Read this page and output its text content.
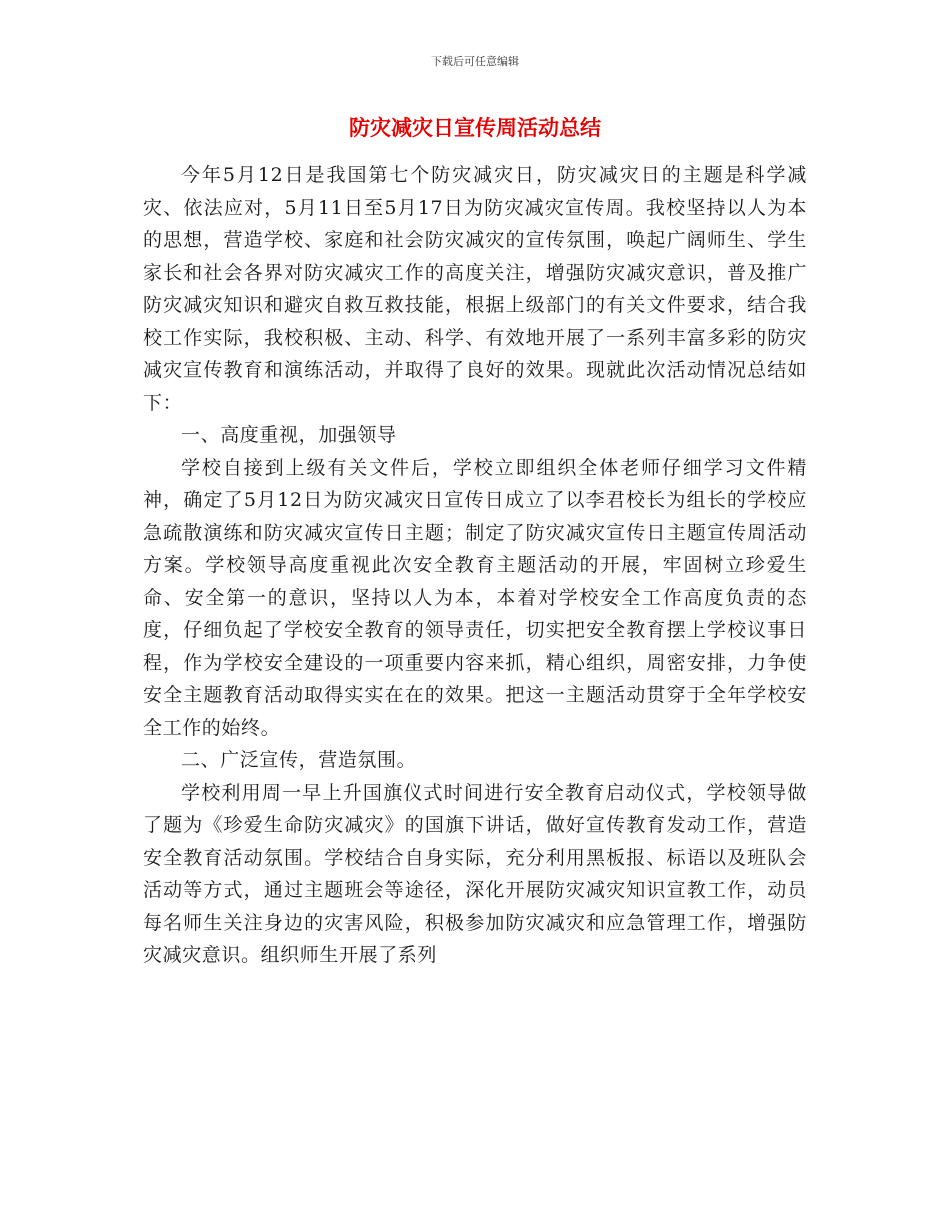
下载后可任意编辑
防灾减灾日宣传周活动总结

今年5月12日是我国第七个防灾减灾日，防灾减灾日的主题是科学减灾、依法应对，5月11日至5月17日为防灾减灾宣传周。我校坚持以人为本的思想，营造学校、家庭和社会防灾减灾的宣传氛围，唤起广阔师生、学生家长和社会各界对防灾减灾工作的高度关注，增强防灾减灾意识，普及推广防灾减灾知识和避灾自救互救技能，根据上级部门的有关文件要求，结合我校工作实际，我校积极、主动、科学、有效地开展了一系列丰富多彩的防灾减灾宣传教育和演练活动，并取得了良好的效果。现就此次活动情况总结如下：

一、高度重视，加强领导

学校自接到上级有关文件后，学校立即组织全体老师仔细学习文件精神，确定了5月12日为防灾减灾日宣传日成立了以李君校长为组长的学校应急疏散演练和防灾减灾宣传日主题；制定了防灾减灾宣传日主题宣传周活动方案。学校领导高度重视此次安全教育主题活动的开展，牢固树立珍爱生命、安全第一的意识，坚持以人为本，本着对学校安全工作高度负责的态度，仔细负起了学校安全教育的领导责任，切实把安全教育摆上学校议事日程，作为学校安全建设的一项重要内容来抓，精心组织，周密安排，力争使安全主题教育活动取得实实在在的效果。把这一主题活动贯穿于全年学校安全工作的始终。

二、广泛宣传，营造氛围。

学校利用周一早上升国旗仪式时间进行安全教育启动仪式，学校领导做了题为《珍爱生命防灾减灾》的国旗下讲话，做好宣传教育发动工作，营造安全教育活动氛围。学校结合自身实际，充分利用黑板报、标语以及班队会活动等方式，通过主题班会等途径，深化开展防灾减灾知识宣教工作，动员每名师生关注身边的灾害风险，积极参加防灾减灾和应急管理工作，增强防灾减灾意识。组织师生开展了系列
